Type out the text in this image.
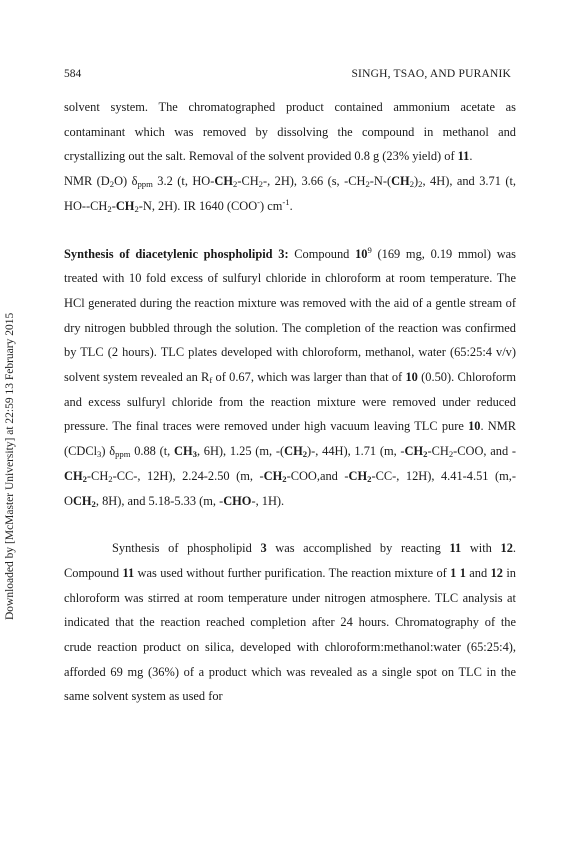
584	SINGH, TSAO, AND PURANIK
Downloaded by [McMaster University] at 22:59 13 February 2015

solvent system. The chromatographed product contained ammonium acetate as contaminant which was removed by dissolving the compound in methanol and crystallizing out the salt. Removal of the solvent provided 0.8 g (23% yield) of 11.
NMR $(D_2O)$ $\delta_{ppm}$ 3.2 (t, $HO-CH_2-CH_2-$, 2H), 3.66 (s, $-CH_2-N-(CH_2)_2$, 4H), and 3.71 (t, $HO--CH_2-CH_2-N$, 2H). IR 1640 (COO-) $cm^{-1}$.

Synthesis of diacetylenic phospholipid 3: Compound $10^9$ (169 mg, 0.19 mmol) was treated with 10 fold excess of sulfuryl chloride in chloroform at room temperature. The HCl generated during the reaction mixture was removed with the aid of a gentle stream of dry nitrogen bubbled through the solution. The completion of the reaction was confirmed by TLC (2 hours). TLC plates developed with chloroform, methanol, water (65:25:4 v/v) solvent system revealed an $R_f$ of 0.67, which was larger than that of 10 (0.50). Chloroform and excess sulfuryl chloride from the reaction mixture were removed under reduced pressure. The final traces were removed under high vacuum leaving TLC pure 10. NMR (CDCl$_3$) $\delta_{ppm}$ 0.88 (t, $CH_3$, 6H), 1.25 (m, $-(CH_2)-$, 44H), 1.71 (m, $-CH_2-CH_2$-COO, and $-CH_2-CH_2-CC-$, 12H), 2.24-2.50 (m, $-CH_2-COO,and$ $-CH_2-CC-$, 12H), 4.41-4.51 ($m,-OCH_2$, 8H), and 5.18-5.33 (m, -CHO-, 1H).

Synthesis of phospholipid 3 was accomplished by reacting 11 with 12. Compound 11 was used without further purification. The reaction mixture of 1 1 and 12 in chloroform was stirred at room temperature under nitrogen atmosphere. TLC analysis at indicated that the reaction reached completion after 24 hours. Chromatography of the crude reaction product on silica, developed with chloroform:methanol:water (65:25:4), afforded 69 mg (36%) of a product which was revealed as a single spot on TLC in the same solvent system as used for
